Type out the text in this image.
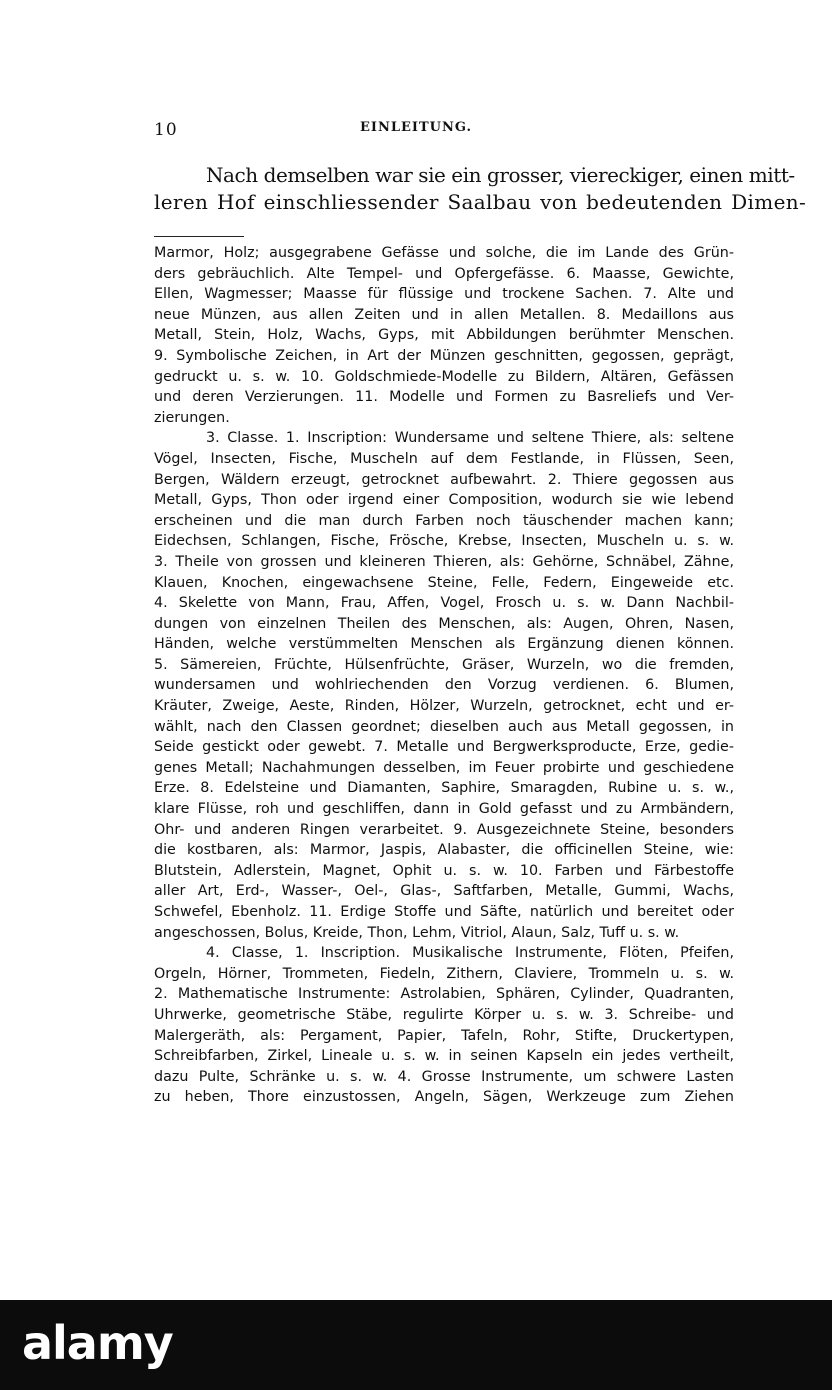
10	EINLEITUNG.
Nach demselben war sie ein grosser, viereckiger, einen mitt-
leren Hof einschliessender Saalbau von bedeutenden Dimen-
Marmor, Holz; ausgegrabene Gefässe und solche, die im Lande des Grün-
ders gebräuchlich. Alte Tempel- und Opfergefässe. 6. Maasse, Gewichte,
Ellen, Wagmesser; Maasse für flüssige und trockene Sachen. 7. Alte und
neue Münzen, aus allen Zeiten und in allen Metallen. 8. Medaillons aus
Metall, Stein, Holz, Wachs, Gyps, mit Abbildungen berühmter Menschen.
9. Symbolische Zeichen, in Art der Münzen geschnitten, gegossen, geprägt,
gedruckt u. s. w. 10. Goldschmiede-Modelle zu Bildern, Altären, Gefässen
und deren Verzierungen. 11. Modelle und Formen zu Basreliefs und Ver-
zierungen.
3. Classe. 1. Inscription: Wundersame und seltene Thiere, als: seltene
Vögel, Insecten, Fische, Muscheln auf dem Festlande, in Flüssen, Seen,
Bergen, Wäldern erzeugt, getrocknet aufbewahrt. 2. Thiere gegossen aus
Metall, Gyps, Thon oder irgend einer Composition, wodurch sie wie lebend
erscheinen und die man durch Farben noch täuschender machen kann;
Eidechsen, Schlangen, Fische, Frösche, Krebse, Insecten, Muscheln u. s. w.
3. Theile von grossen und kleineren Thieren, als: Gehörne, Schnäbel, Zähne,
Klauen, Knochen, eingewachsene Steine, Felle, Federn, Eingeweide etc.
4. Skelette von Mann, Frau, Affen, Vogel, Frosch u. s. w. Dann Nachbil-
dungen von einzelnen Theilen des Menschen, als: Augen, Ohren, Nasen,
Händen, welche verstümmelten Menschen als Ergänzung dienen können.
5. Sämereien, Früchte, Hülsenfrüchte, Gräser, Wurzeln, wo die fremden,
wundersamen und wohlriechenden den Vorzug verdienen. 6. Blumen,
Kräuter, Zweige, Aeste, Rinden, Hölzer, Wurzeln, getrocknet, echt und er-
wählt, nach den Classen geordnet; dieselben auch aus Metall gegossen, in
Seide gestickt oder gewebt. 7. Metalle und Bergwerksproducte, Erze, gedie-
genes Metall; Nachahmungen desselben, im Feuer probirte und geschiedene
Erze. 8. Edelsteine und Diamanten, Saphire, Smaragden, Rubine u. s. w.,
klare Flüsse, roh und geschliffen, dann in Gold gefasst und zu Armbändern,
Ohr- und anderen Ringen verarbeitet. 9. Ausgezeichnete Steine, besonders
die kostbaren, als: Marmor, Jaspis, Alabaster, die officinellen Steine, wie:
Blutstein, Adlerstein, Magnet, Ophit u. s. w. 10. Farben und Färbestoffe
aller Art, Erd-, Wasser-, Oel-, Glas-, Saftfarben, Metalle, Gummi, Wachs,
Schwefel, Ebenholz. 11. Erdige Stoffe und Säfte, natürlich und bereitet oder
angeschossen, Bolus, Kreide, Thon, Lehm, Vitriol, Alaun, Salz, Tuff u. s. w.
4. Classe, 1. Inscription. Musikalische Instrumente, Flöten, Pfeifen,
Orgeln, Hörner, Trommeten, Fiedeln, Zithern, Claviere, Trommeln u. s. w.
2. Mathematische Instrumente: Astrolabien, Sphären, Cylinder, Quadranten,
Uhrwerke, geometrische Stäbe, regulirte Körper u. s. w. 3. Schreibe- und
Malergeräth, als: Pergament, Papier, Tafeln, Rohr, Stifte, Druckertypen,
Schreibfarben, Zirkel, Lineale u. s. w. in seinen Kapseln ein jedes vertheilt,
dazu Pulte, Schränke u. s. w. 4. Grosse Instrumente, um schwere Lasten
zu heben, Thore einzustossen, Angeln, Sägen, Werkzeuge zum Ziehen
alamy
